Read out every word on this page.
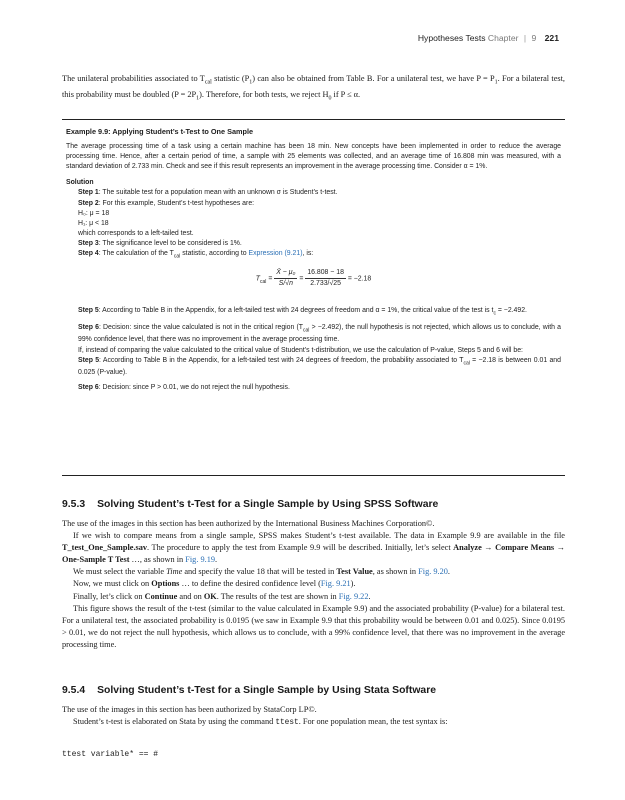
Hypotheses Tests Chapter | 9 221
The unilateral probabilities associated to $T_{cal}$ statistic $(P_1)$ can also be obtained from Table B. For a unilateral test, we have $P = P_1$. For a bilateral test, this probability must be doubled $(P = 2P_1)$. Therefore, for both tests, we reject $H_0$ if P ≤ α.
Example 9.9: Applying Student’s t-Test to One Sample
The average processing time of a task using a certain machine has been 18 min. New concepts have been implemented in order to reduce the average processing time. Hence, after a certain period of time, a sample with 25 elements was collected, and an average time of 16.808 min was measured, with a standard deviation of 2.733 min. Check and see if this result represents an improvement in the average processing time. Consider α = 1%.
Solution
Step 1: The suitable test for a population mean with an unknown σ is Student’s t-test.
Step 2: For this example, Student’s t-test hypotheses are:
H₀: μ = 18
H₁: μ < 18
which corresponds to a left-tailed test.
Step 3: The significance level to be considered is 1%.
Step 4: The calculation of the $T_{cal}$ statistic, according to Expression (9.21), is:
$T_{cal} = \frac{\text{X̄ − μ₀}}{S/√n} = \frac{16.808 - 18}{2.733/√25} = -2.18$
Step 5: According to Table B in the Appendix, for a left-tailed test with 24 degrees of freedom and α = 1%, the critical value of the test is $t_c = -2.492$.
Step 6: Decision: since the value calculated is not in the critical region $(T_{cal} > -2.492)$, the null hypothesis is not rejected, which allows us to conclude, with a 99% confidence level, that there was no improvement in the average processing time.
If, instead of comparing the value calculated to the critical value of Student’s t-distribution, we use the calculation of P-value, Steps 5 and 6 will be:
Step 5: According to Table B in the Appendix, for a left-tailed test with 24 degrees of freedom, the probability associated to $T_{cal} = -2.18$ is between 0.01 and 0.025 (P-value).
Step 6: Decision: since P > 0.01, we do not reject the null hypothesis.
9.5.3 Solving Student’s t-Test for a Single Sample by Using SPSS Software

The use of the images in this section has been authorized by the International Business Machines Corporation©.

If we wish to compare means from a single sample, SPSS makes Student’s t-test available. The data in Example 9.9 are available in the file T_test_One_Sample.sav. The procedure to apply the test from Example 9.9 will be described. Initially, let’s select Analyze → Compare Means → One-Sample T Test …, as shown in Fig. 9.19.

We must select the variable Time and specify the value 18 that will be tested in Test Value, as shown in Fig. 9.20.

Now, we must click on Options … to define the desired confidence level (Fig. 9.21).

Finally, let’s click on Continue and on OK. The results of the test are shown in Fig. 9.22.

This figure shows the result of the t-test (similar to the value calculated in Example 9.9) and the associated probability (P-value) for a bilateral test. For a unilateral test, the associated probability is 0.0195 (we saw in Example 9.9 that this probability would be between 0.01 and 0.025). Since 0.0195 > 0.01, we do not reject the null hypothesis, which allows us to conclude, with a 99% confidence level, that there was no improvement in the average processing time.

9.5.4 Solving Student’s t-Test for a Single Sample by Using Stata Software

The use of the images in this section has been authorized by StataCorp LP©.

Student’s t-test is elaborated on Stata by using the command ttest. For one population mean, the test syntax is:

ttest variable* == #
